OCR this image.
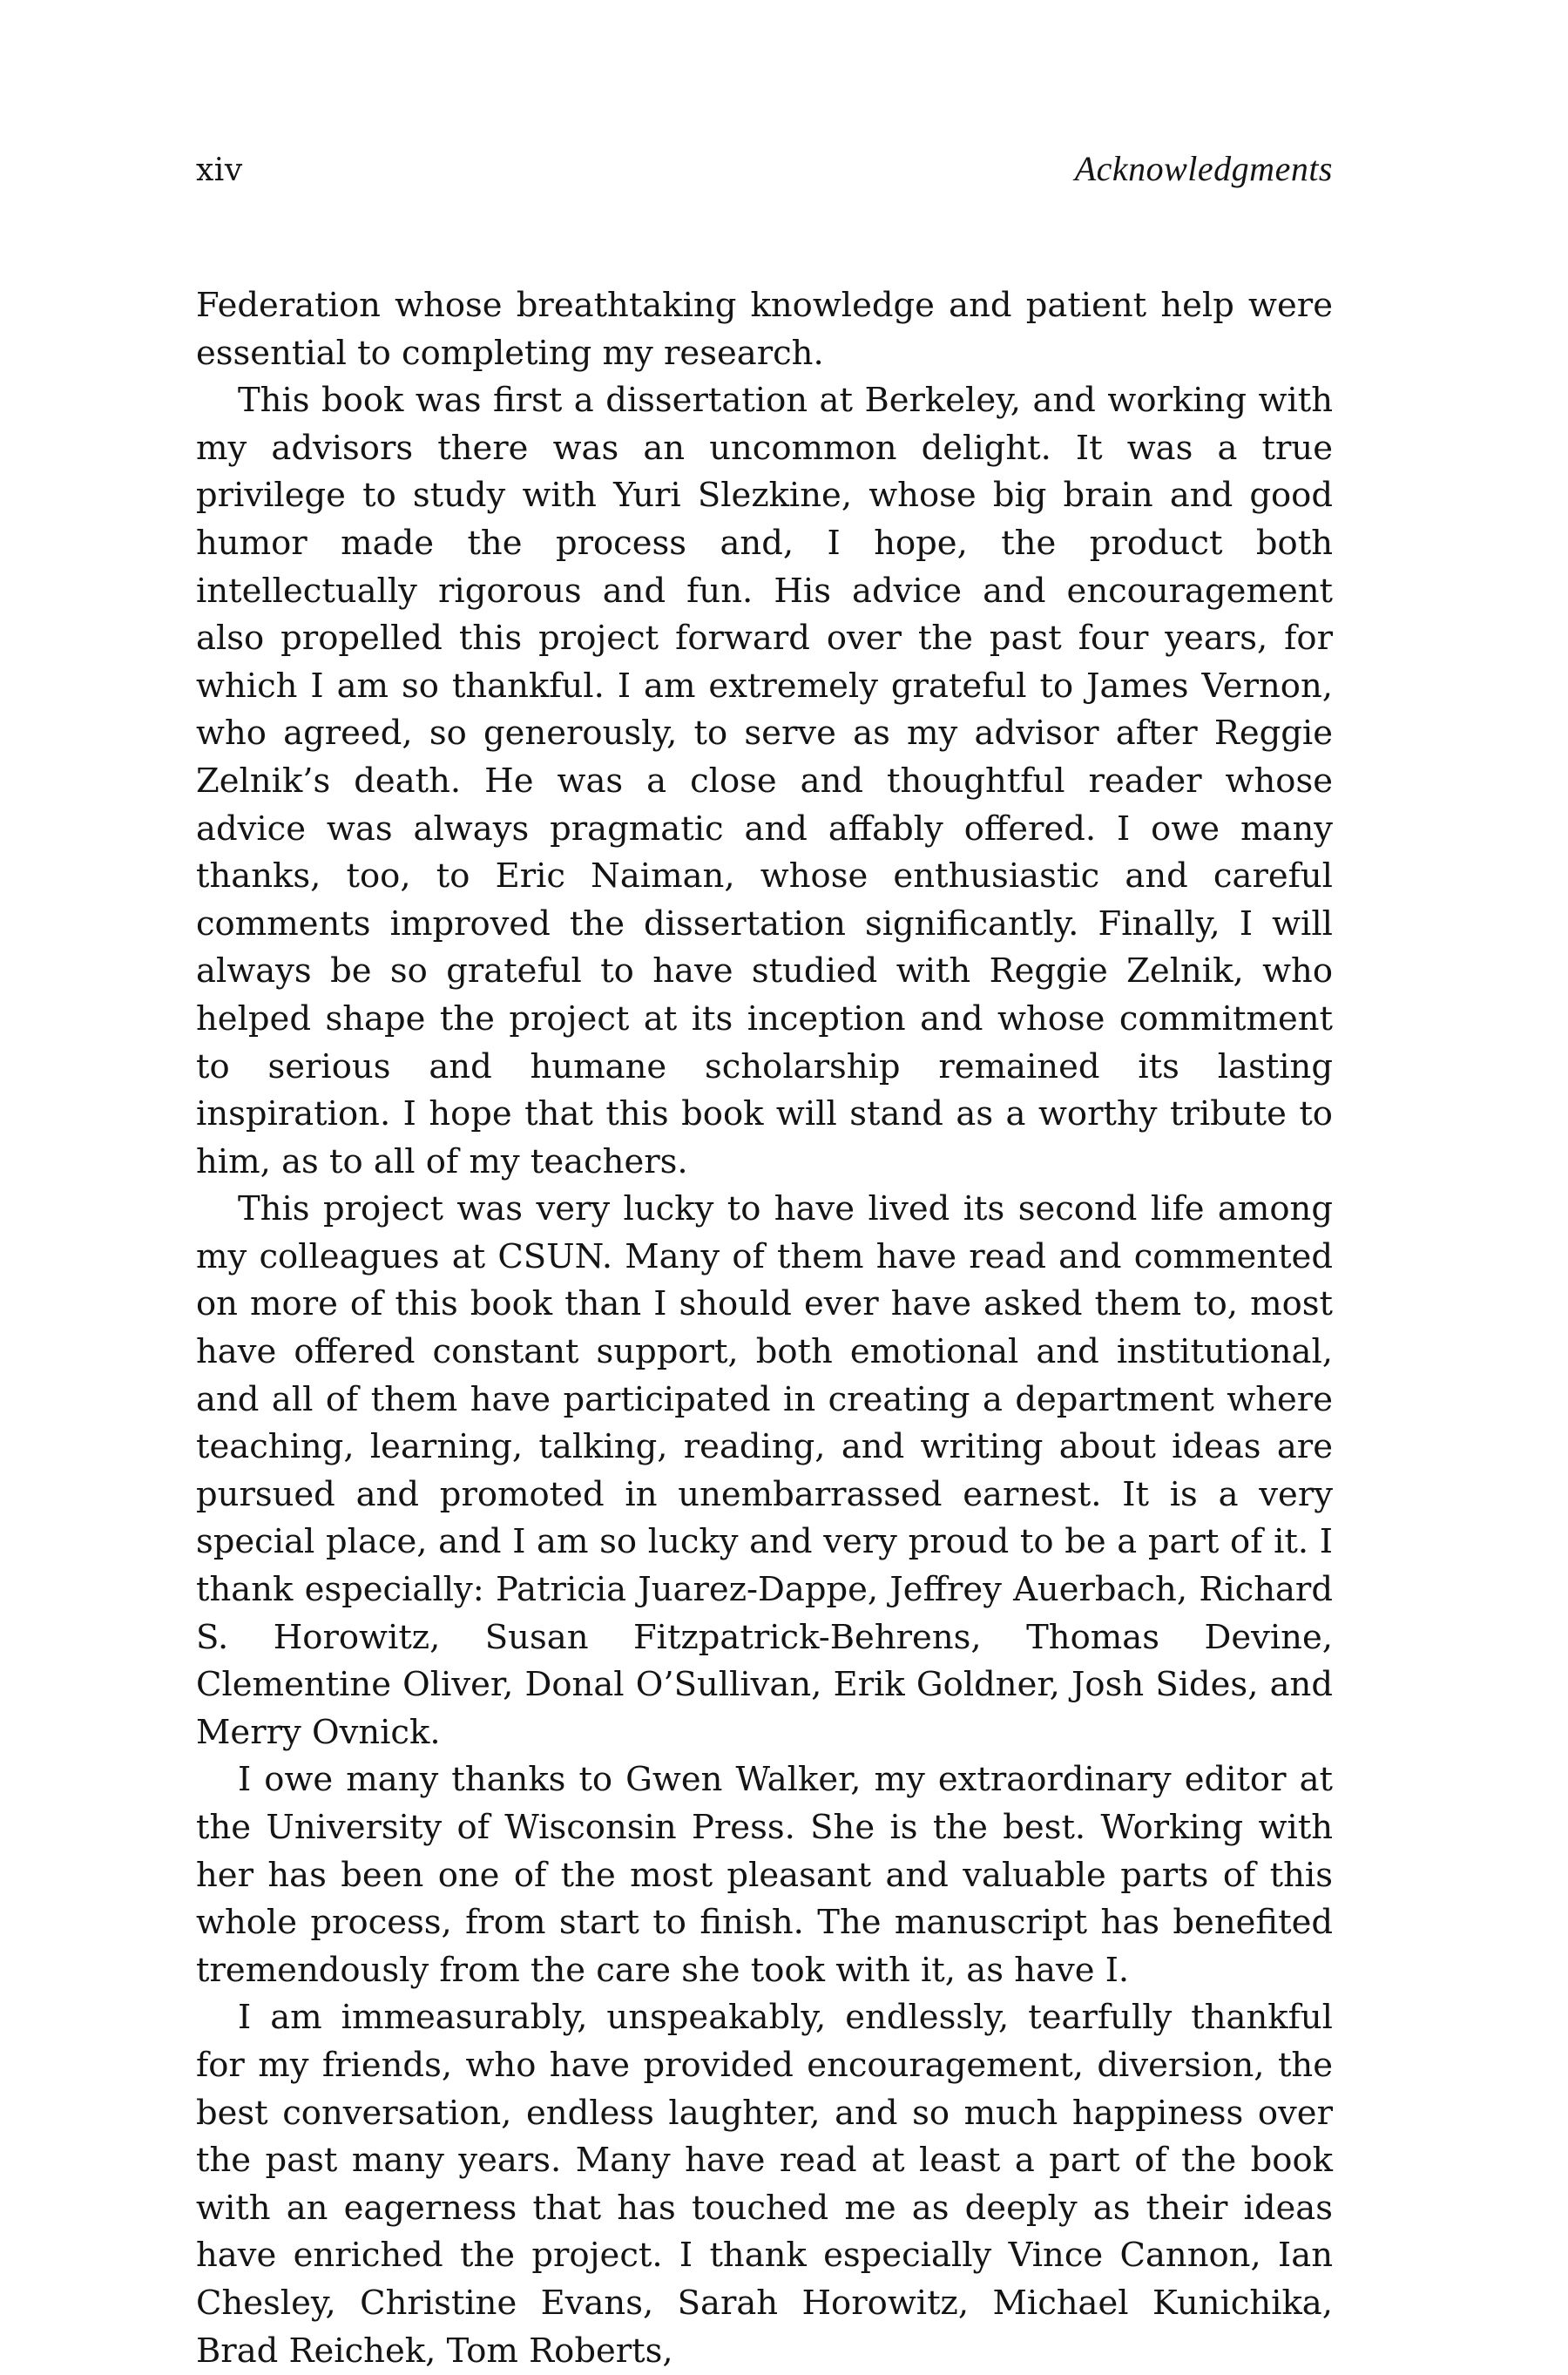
xiv	Acknowledgments

Federation whose breathtaking knowledge and patient help were essential to completing my research.

This book was first a dissertation at Berkeley, and working with my advisors there was an uncommon delight. It was a true privilege to study with Yuri Slezkine, whose big brain and good humor made the process and, I hope, the product both intellectually rigorous and fun. His advice and encouragement also propelled this project forward over the past four years, for which I am so thankful. I am extremely grateful to James Vernon, who agreed, so generously, to serve as my advisor after Reggie Zelnik’s death. He was a close and thoughtful reader whose advice was always pragmatic and affably offered. I owe many thanks, too, to Eric Naiman, whose enthusiastic and careful comments improved the dissertation significantly. Finally, I will always be so grateful to have studied with Reggie Zelnik, who helped shape the project at its inception and whose commitment to serious and humane scholarship remained its lasting inspiration. I hope that this book will stand as a worthy tribute to him, as to all of my teachers.

This project was very lucky to have lived its second life among my colleagues at CSUN. Many of them have read and commented on more of this book than I should ever have asked them to, most have offered constant support, both emotional and institutional, and all of them have participated in creating a department where teaching, learning, talking, reading, and writing about ideas are pursued and promoted in unembarrassed earnest. It is a very special place, and I am so lucky and very proud to be a part of it. I thank especially: Patricia Juarez-Dappe, Jeffrey Auerbach, Richard S. Horowitz, Susan Fitzpatrick-Behrens, Thomas Devine, Clementine Oliver, Donal O’Sullivan, Erik Goldner, Josh Sides, and Merry Ovnick.

I owe many thanks to Gwen Walker, my extraordinary editor at the University of Wisconsin Press. She is the best. Working with her has been one of the most pleasant and valuable parts of this whole process, from start to finish. The manuscript has benefited tremendously from the care she took with it, as have I.

I am immeasurably, unspeakably, endlessly, tearfully thankful for my friends, who have provided encouragement, diversion, the best conversation, endless laughter, and so much happiness over the past many years. Many have read at least a part of the book with an eagerness that has touched me as deeply as their ideas have enriched the project. I thank especially Vince Cannon, Ian Chesley, Christine Evans, Sarah Horowitz, Michael Kunichika, Brad Reichek, Tom Roberts,
